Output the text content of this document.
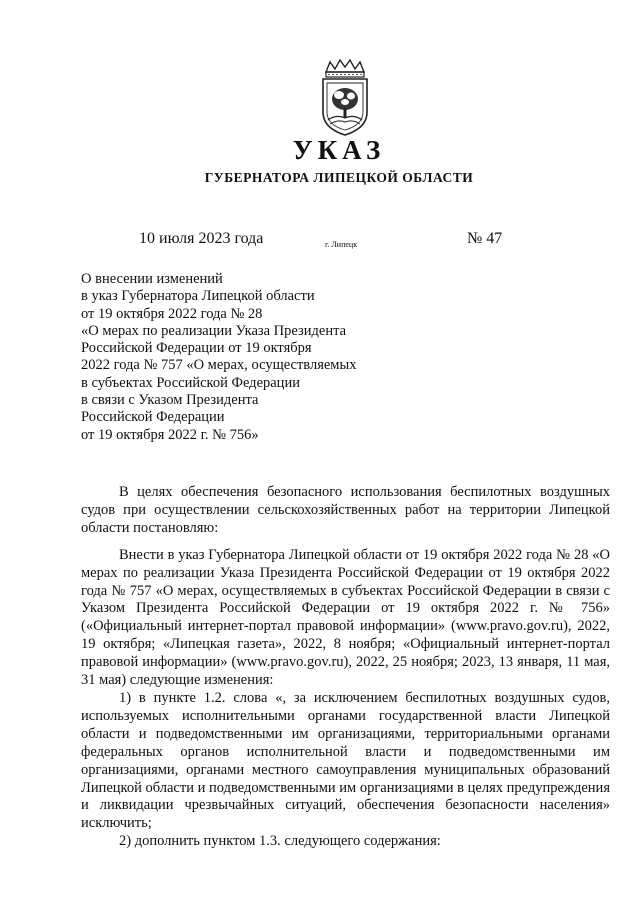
УКАЗ
ГУБЕРНАТОРА ЛИПЕЦКОЙ ОБЛАСТИ
10 июля 2023 года	г. Липецк	№ 47
О внесении изменений
в указ Губернатора Липецкой области
от 19 октября 2022 года № 28
«О мерах по реализации Указа Президента
Российской Федерации от 19 октября
2022 года № 757 «О мерах, осуществляемых
в субъектах Российской Федерации
в связи с Указом Президента
Российской Федерации
от 19 октября 2022 г. № 756»

В целях обеспечения безопасного использования беспилотных воздушных судов при осуществлении сельскохозяйственных работ на территории Липецкой области постановляю:

Внести в указ Губернатора Липецкой области от 19 октября 2022 года № 28 «О мерах по реализации Указа Президента Российской Федерации от 19 октября 2022 года № 757 «О мерах, осуществляемых в субъектах Российской Федерации в связи с Указом Президента Российской Федерации от 19 октября 2022 г. № 756» («Официальный интернет-портал правовой информации» (www.pravo.gov.ru), 2022, 19 октября; «Липецкая газета», 2022, 8 ноября; «Официальный интернет-портал правовой информации» (www.pravo.gov.ru), 2022, 25 ноября; 2023, 13 января, 11 мая, 31 мая) следующие изменения:

1) в пункте 1.2. слова «, за исключением беспилотных воздушных судов, используемых исполнительными органами государственной власти Липецкой области и подведомственными им организациями, территориальными органами федеральных органов исполнительной власти и подведомственными им организациями, органами местного самоуправления муниципальных образований Липецкой области и подведомственными им организациями в целях предупреждения и ликвидации чрезвычайных ситуаций, обеспечения безопасности населения» исключить;

2) дополнить пунктом 1.3. следующего содержания:
